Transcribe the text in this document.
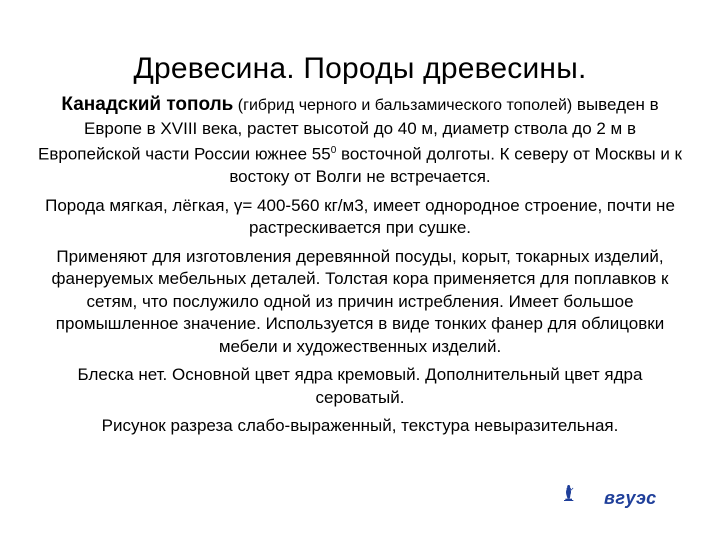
Древесина. Породы древесины.

Канадский тополь (гибрид черного и бальзамического тополей) выведен в Европе в XVIII века, растет высотой до 40 м, диаметр ствола до 2 м в Европейской части России южнее $55^0$ восточной долготы. К северу от Москвы и к востоку от Волги не встречается.

Порода мягкая, лёгкая, γ= 400-560 кг/м3, имеет однородное строение, почти не растрескивается при сушке.

Применяют для изготовления деревянной посуды, корыт, токарных изделий, фанеруемых мебельных деталей. Толстая кора применяется для поплавков к сетям, что послужило одной из причин истребления. Имеет большое промышленное значение. Используется в виде тонких фанер для облицовки мебели и художественных изделий.

Блеска нет. Основной цвет ядра кремовый. Дополнительный цвет ядра сероватый.

Рисунок разреза слабо-выраженный, текстура невыразительная.

вгуэс
